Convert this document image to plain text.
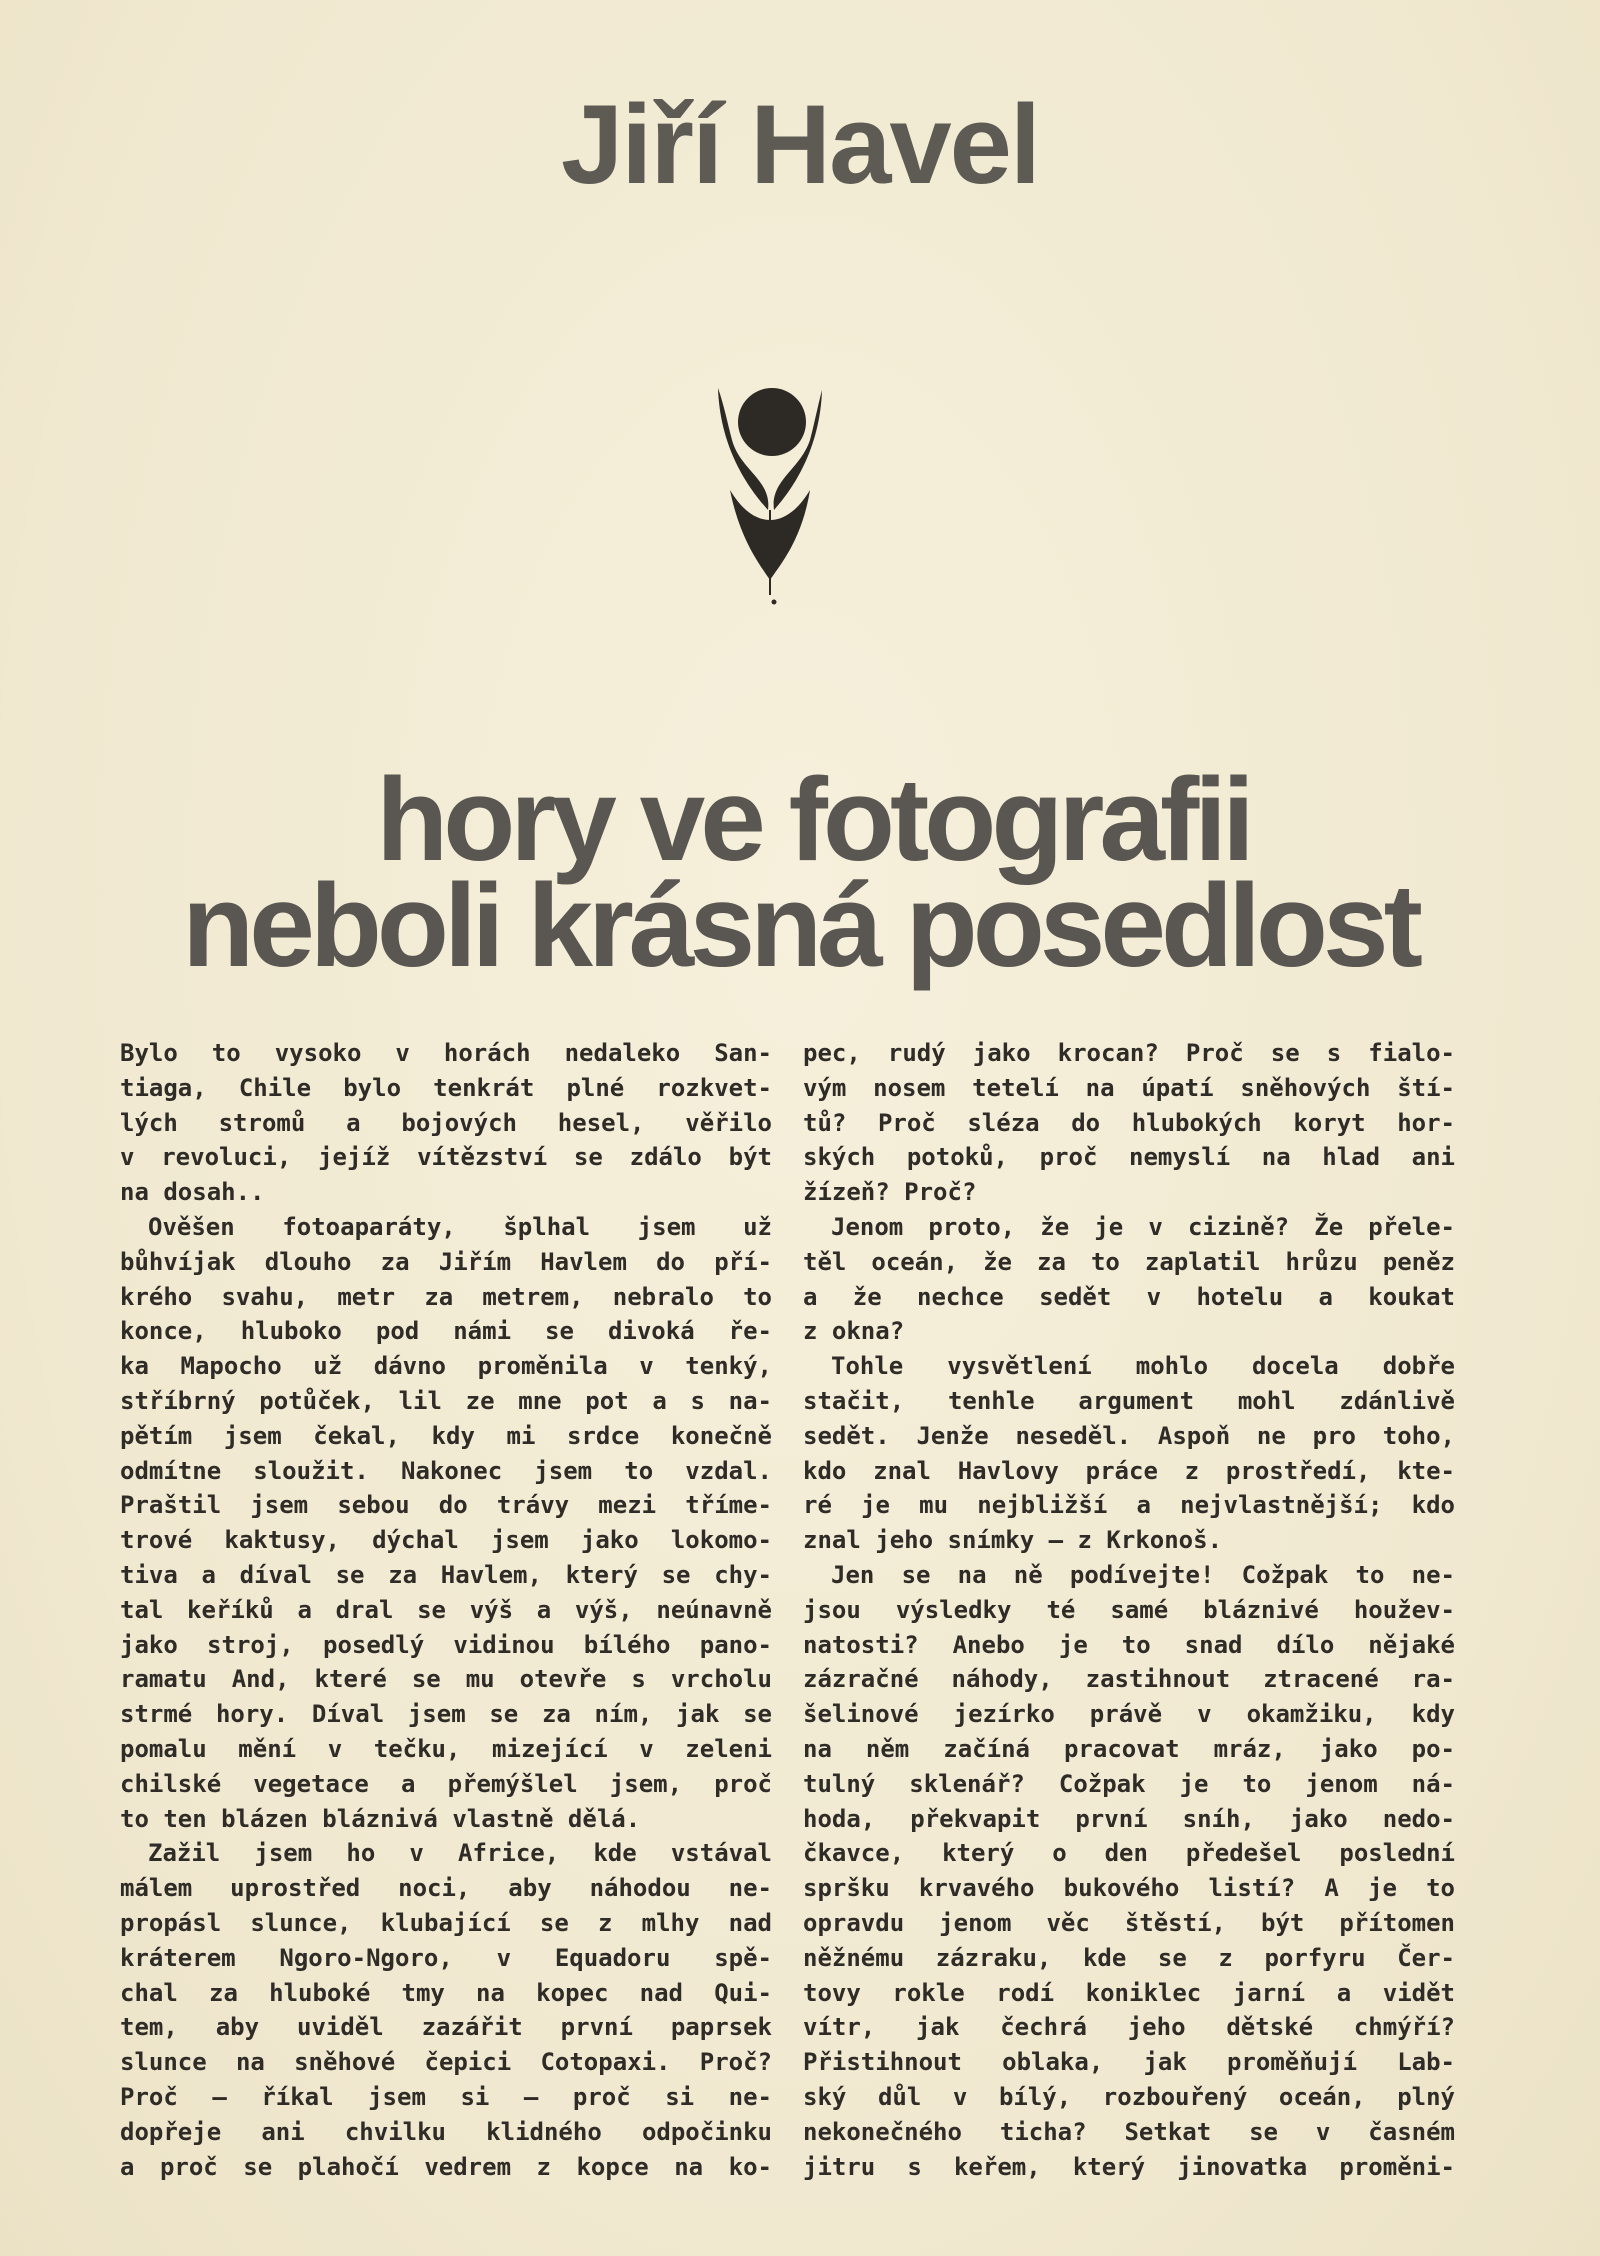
Jiří Havel
hory ve fotografii
neboli krásná posedlost

Bylo to vysoko v horách nedaleko San-

tiaga, Chile bylo tenkrát plné rozkvet-

lých stromů a bojových hesel, věřilo

v revoluci, jejíž vítězství se zdálo být

na dosah..

Ověšen fotoaparáty, šplhal jsem už

bůhvíjak dlouho za Jiřím Havlem do pří-

krého svahu, metr za metrem, nebralo to

konce, hluboko pod námi se divoká ře-

ka Mapocho už dávno proměnila v tenký,

stříbrný potůček, lil ze mne pot a s na-

pětím jsem čekal, kdy mi srdce konečně

odmítne sloužit. Nakonec jsem to vzdal.

Praštil jsem sebou do trávy mezi tříme-

trové kaktusy, dýchal jsem jako lokomo-

tiva a díval se za Havlem, který se chy-

tal keříků a dral se výš a výš, neúnavně

jako stroj, posedlý vidinou bílého pano-

ramatu And, které se mu otevře s vrcholu

strmé hory. Díval jsem se za ním, jak se

pomalu mění v tečku, mizející v zeleni

chilské vegetace a přemýšlel jsem, proč

to ten blázen bláznivá vlastně dělá.

Zažil jsem ho v Africe, kde vstával

málem uprostřed noci, aby náhodou ne-

propásl slunce, klubající se z mlhy nad

kráterem Ngoro-Ngoro, v Equadoru spě-

chal za hluboké tmy na kopec nad Qui-

tem, aby uviděl zazářit první paprsek

slunce na sněhové čepici Cotopaxi. Proč?

Proč — říkal jsem si — proč si ne-

dopřeje ani chvilku klidného odpočinku

a proč se plahočí vedrem z kopce na ko-

pec, rudý jako krocan? Proč se s fialo-

vým nosem tetelí na úpatí sněhových ští-

tů? Proč sléza do hlubokých koryt hor-

ských potoků, proč nemyslí na hlad ani

žízeň? Proč?

Jenom proto, že je v cizině? Že přele-

těl oceán, že za to zaplatil hrůzu peněz

a že nechce sedět v hotelu a koukat

z okna?

Tohle vysvětlení mohlo docela dobře

stačit, tenhle argument mohl zdánlivě

sedět. Jenže neseděl. Aspoň ne pro toho,

kdo znal Havlovy práce z prostředí, kte-

ré je mu nejbližší a nejvlastnější; kdo

znal jeho snímky — z Krkonoš.

Jen se na ně podívejte! Cožpak to ne-

jsou výsledky té samé bláznivé houžev-

natosti? Anebo je to snad dílo nějaké

zázračné náhody, zastihnout ztracené ra-

šelinové jezírko právě v okamžiku, kdy

na něm začíná pracovat mráz, jako po-

tulný sklenář? Cožpak je to jenom ná-

hoda, překvapit první sníh, jako nedo-

čkavce, který o den předešel poslední

spršku krvavého bukového listí? A je to

opravdu jenom věc štěstí, být přítomen

něžnému zázraku, kde se z porfyru Čer-

tovy rokle rodí koniklec jarní a vidět

vítr, jak čechrá jeho dětské chmýří?

Přistihnout oblaka, jak proměňují Lab-

ský důl v bílý, rozbouřený oceán, plný

nekonečného ticha? Setkat se v časném

jitru s keřem, který jinovatka proměni-
